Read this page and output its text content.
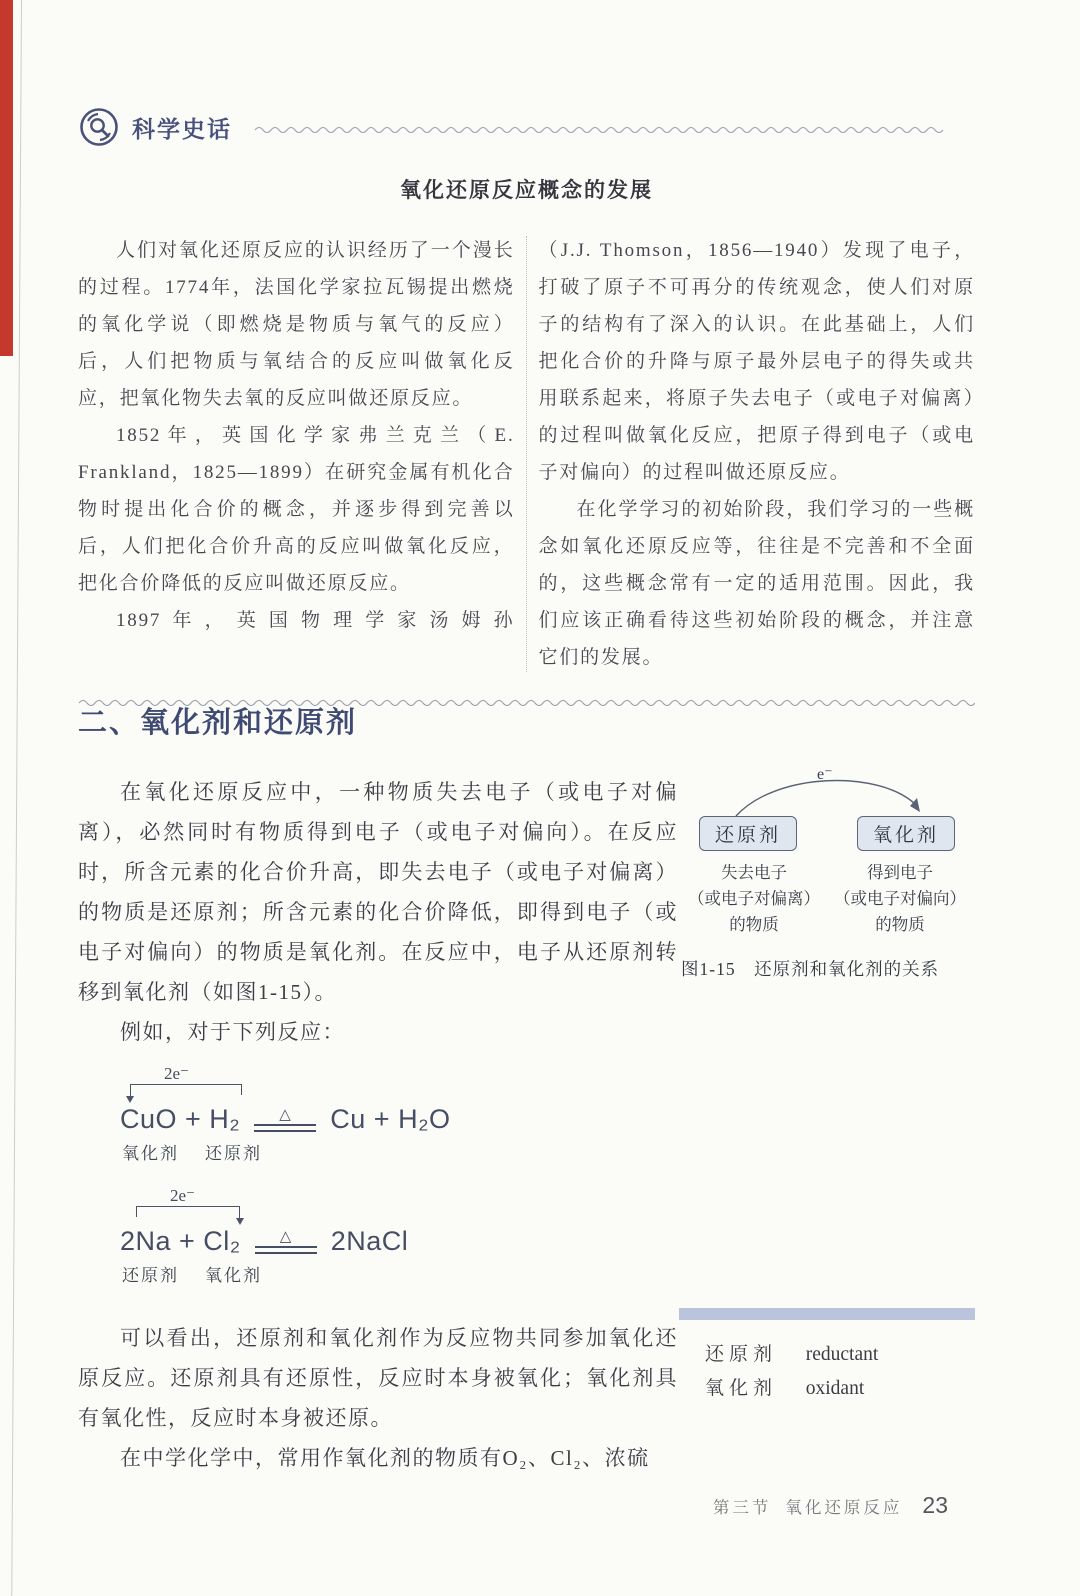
科学史话
氧化还原反应概念的发展

人们对氧化还原反应的认识经历了一个漫长的过程。1774年，法国化学家拉瓦锡提出燃烧的氧化学说（即燃烧是物质与氧气的反应）后，人们把物质与氧结合的反应叫做氧化反应，把氧化物失去氧的反应叫做还原反应。

1852年，英国化学家弗兰克兰（E. Frankland，1825—1899）在研究金属有机化合物时提出化合价的概念，并逐步得到完善以后，人们把化合价升高的反应叫做氧化反应，把化合价降低的反应叫做还原反应。

1897年，英国物理学家汤姆孙

（J.J. Thomson，1856—1940）发现了电子，打破了原子不可再分的传统观念，使人们对原子的结构有了深入的认识。在此基础上，人们把化合价的升降与原子最外层电子的得失或共用联系起来，将原子失去电子（或电子对偏离）的过程叫做氧化反应，把原子得到电子（或电子对偏向）的过程叫做还原反应。

在化学学习的初始阶段，我们学习的一些概念如氧化还原反应等，往往是不完善和不全面的，这些概念常有一定的适用范围。因此，我们应该正确看待这些初始阶段的概念，并注意它们的发展。

二、氧化剂和还原剂

在氧化还原反应中，一种物质失去电子（或电子对偏离），必然同时有物质得到电子（或电子对偏向）。在反应时，所含元素的化合价升高，即失去电子（或电子对偏离）的物质是还原剂；所含元素的化合价降低，即得到电子（或电子对偏向）的物质是氧化剂。在反应中，电子从还原剂转移到氧化剂（如图1-15）。

例如，对于下列反应：

e⁻
还原剂	氧化剂
失去电子
（或电子对偏离）
的物质
得到电子
（或电子对偏向）
的物质
图1-15　还原剂和氧化剂的关系
2e⁻
CuO + H₂	△ Cu + H₂O
氧化剂 还原剂
2e⁻
2Na + Cl₂	△ 2NaCl
还原剂 氧化剂

可以看出，还原剂和氧化剂作为反应物共同参加氧化还原反应。还原剂具有还原性，反应时本身被氧化；氧化剂具有氧化性，反应时本身被还原。

在中学化学中，常用作氧化剂的物质有O₂、Cl₂、浓硫

还原剂 reductant
氧化剂 oxidant
第三节 氧化还原反应 23
